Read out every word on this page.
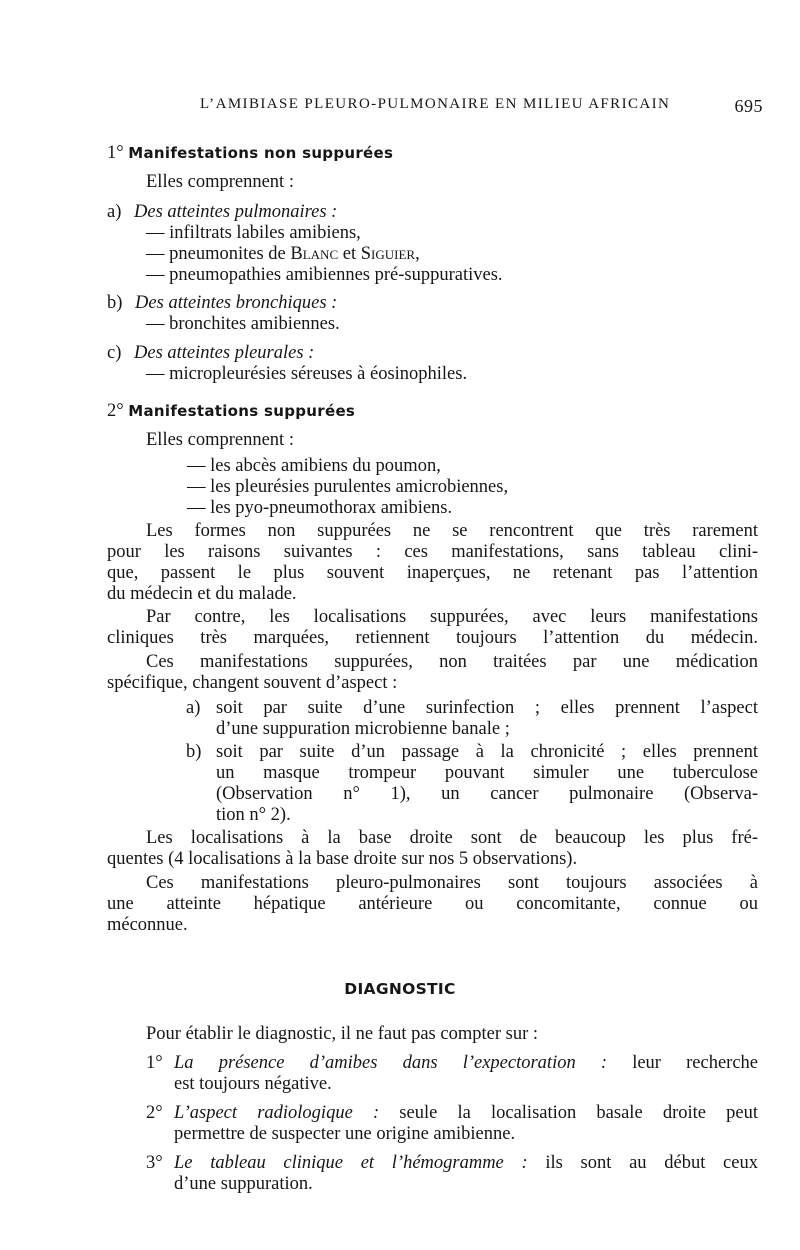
L’AMIBIASE PLEURO-PULMONAIRE EN MILIEU AFRICAIN	695
1° Manifestations non suppurées
Elles comprennent :
a) Des atteintes pulmonaires :
— infiltrats labiles amibiens,
— pneumonites de Blanc et Siguier,
— pneumopathies amibiennes pré-suppuratives.
b) Des atteintes bronchiques :
— bronchites amibiennes.
c) Des atteintes pleurales :
— micropleurésies séreuses à éosinophiles.
2° Manifestations suppurées
Elles comprennent :
— les abcès amibiens du poumon,
— les pleurésies purulentes amicrobiennes,
— les pyo-pneumothorax amibiens.
Les formes non suppurées ne se rencontrent que très rarement
pour les raisons suivantes : ces manifestations, sans tableau clini-
que, passent le plus souvent inaperçues, ne retenant pas l’attention
du médecin et du malade.
Par contre, les localisations suppurées, avec leurs manifestations
cliniques très marquées, retiennent toujours l’attention du médecin.
Ces manifestations suppurées, non traitées par une médication
spécifique, changent souvent d’aspect :
a) soit par suite d’une surinfection ; elles prennent l’aspect
d’une suppuration microbienne banale ;
b) soit par suite d’un passage à la chronicité ; elles prennent
un masque trompeur pouvant simuler une tuberculose
(Observation n° 1), un cancer pulmonaire (Observa-
tion n° 2).
Les localisations à la base droite sont de beaucoup les plus fré-
quentes (4 localisations à la base droite sur nos 5 observations).
Ces manifestations pleuro-pulmonaires sont toujours associées à
une atteinte hépatique antérieure ou concomitante, connue ou
méconnue.
DIAGNOSTIC
Pour établir le diagnostic, il ne faut pas compter sur :
1° La présence d’amibes dans l’expectoration : leur recherche
est toujours négative.
2° L’aspect radiologique : seule la localisation basale droite peut
permettre de suspecter une origine amibienne.
3° Le tableau clinique et l’hémogramme : ils sont au début ceux
d’une suppuration.
